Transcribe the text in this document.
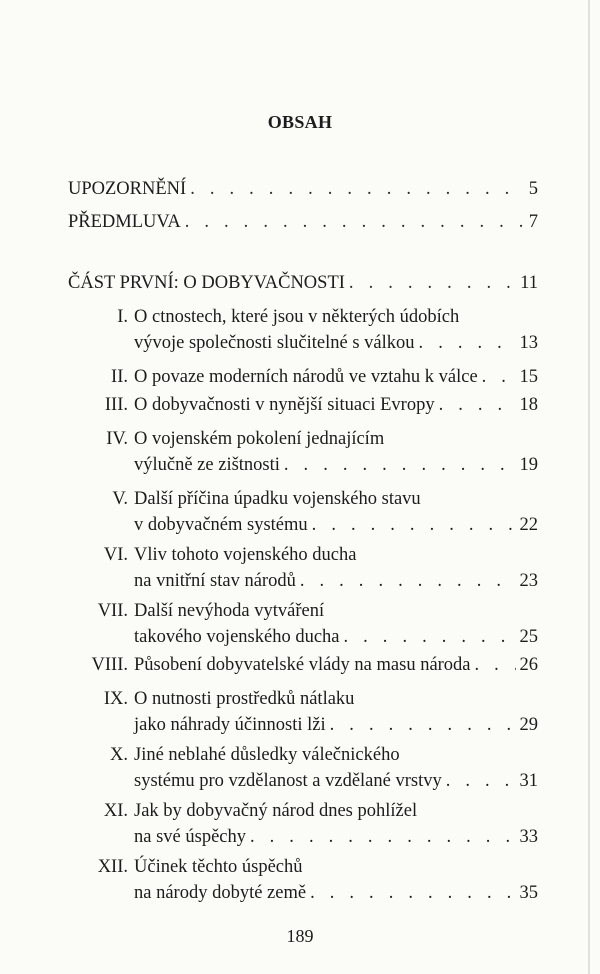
OBSAH
UPOZORNĚNÍ . . .	5
PŘEDMLUVA . . .	7
ČÁST PRVNÍ: O DOBYVAČNOSTI . . .	11
I. O ctnostech, které jsou v některých údobích
vývoje společnosti slučitelné s válkou . . .	13
II. O povaze moderních národů ve vztahu k válce . . . 15
III. O dobyvačnosti v nynější situaci Evropy . . .	18
IV. O vojenském pokolení jednajícím
výlučně ze zištnosti . . .	19
V. Další příčina úpadku vojenského stavu
v dobyvačném systému . . .	22
VI. Vliv tohoto vojenského ducha
na vnitřní stav národů . . .	23
VII. Další nevýhoda vytváření
takového vojenského ducha . . .	25
VIII. Působení dobyvatelské vlády na masu národa . . .	26
IX. O nutnosti prostředků nátlaku
jako náhrady účinnosti lži . . .	29
X. Jiné neblahé důsledky válečnického
systému pro vzdělanost a vzdělané vrstvy . . .	31
XI. Jak by dobyvačný národ dnes pohlížel
na své úspěchy . . .	33
XII. Účinek těchto úspěchů
na národy dobyté země . . .	35
189
